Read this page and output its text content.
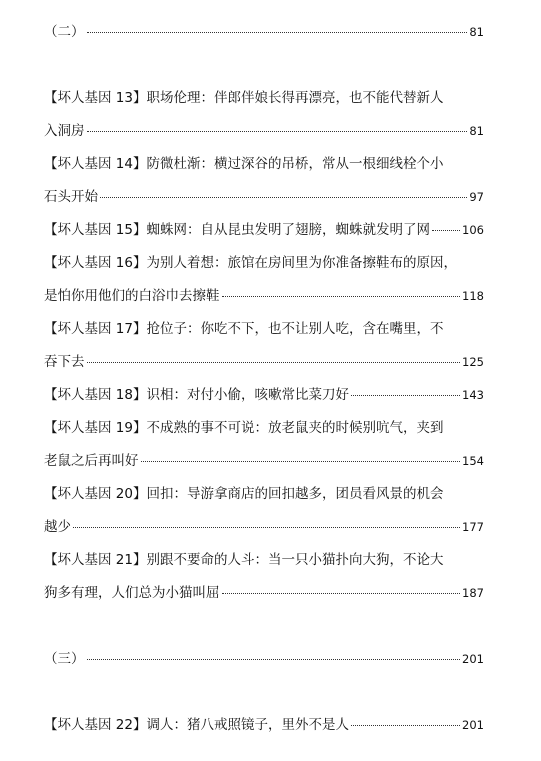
（二）	81
【坏人基因 13】职场伦理：伴郎伴娘长得再漂亮，也不能代替新人
入洞房	81
【坏人基因 14】防微杜渐：横过深谷的吊桥，常从一根细线栓个小
石头开始	97
【坏人基因 15】蜘蛛网：自从昆虫发明了翅膀，蜘蛛就发明了网	106
【坏人基因 16】为别人着想：旅馆在房间里为你准备擦鞋布的原因，
是怕你用他们的白浴巾去擦鞋	118
【坏人基因 17】抢位子：你吃不下，也不让别人吃，含在嘴里，不
吞下去	125
【坏人基因 18】识相：对付小偷，咳嗽常比菜刀好	143
【坏人基因 19】不成熟的事不可说：放老鼠夹的时候别吭气，夹到
老鼠之后再叫好	154
【坏人基因 20】回扣：导游拿商店的回扣越多，团员看风景的机会
越少	177
【坏人基因 21】别跟不要命的人斗：当一只小猫扑向大狗，不论大
狗多有理，人们总为小猫叫屈	187
（三）	201
【坏人基因 22】调人：猪八戒照镜子，里外不是人	201
